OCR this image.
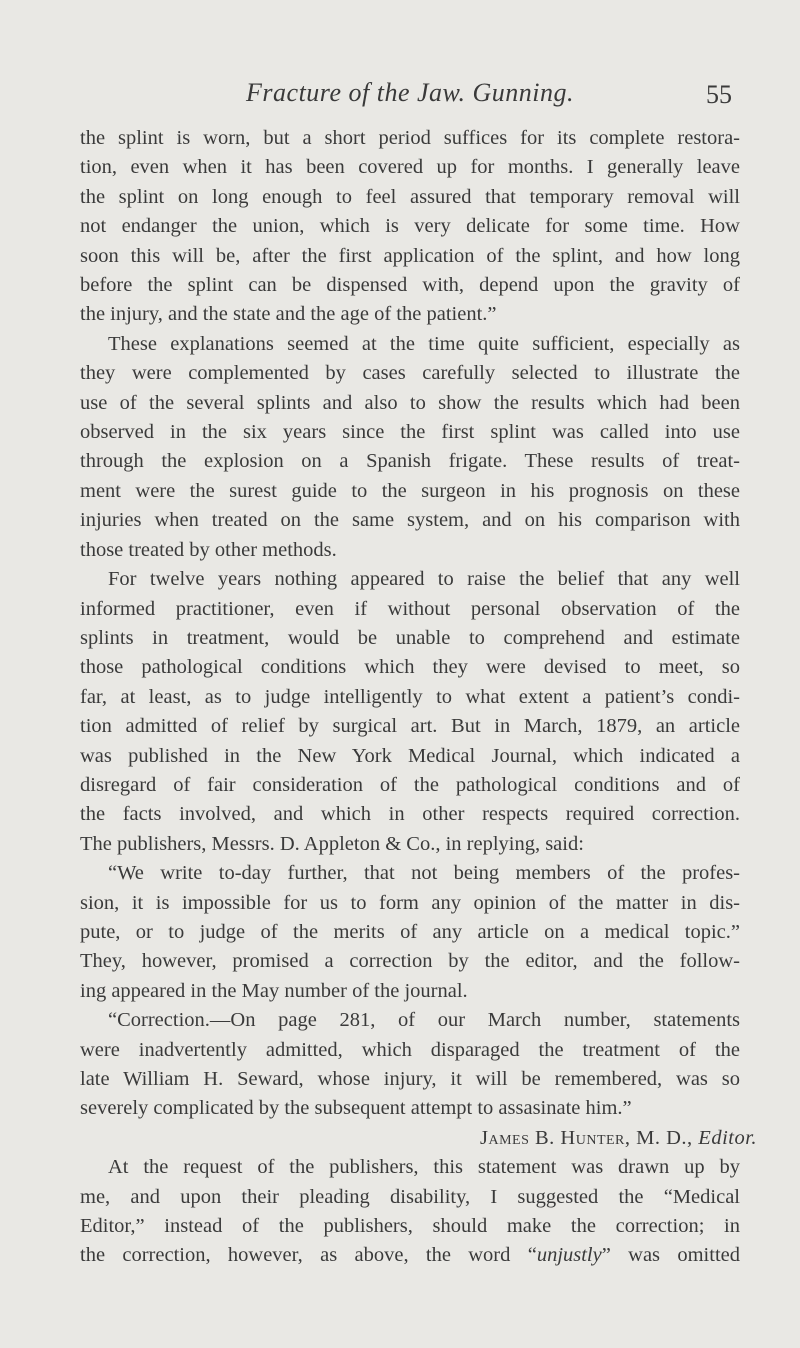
Fracture of the Jaw. Gunning.	55
the splint is worn, but a short period suffices for its complete restora-
tion, even when it has been covered up for months. I generally leave
the splint on long enough to feel assured that temporary removal will
not endanger the union, which is very delicate for some time. How
soon this will be, after the first application of the splint, and how long
before the splint can be dispensed with, depend upon the gravity of
the injury, and the state and the age of the patient.”
These explanations seemed at the time quite sufficient, especially as
they were complemented by cases carefully selected to illustrate the
use of the several splints and also to show the results which had been
observed in the six years since the first splint was called into use
through the explosion on a Spanish frigate. These results of treat-
ment were the surest guide to the surgeon in his prognosis on these
injuries when treated on the same system, and on his comparison with
those treated by other methods.
For twelve years nothing appeared to raise the belief that any well
informed practitioner, even if without personal observation of the
splints in treatment, would be unable to comprehend and estimate
those pathological conditions which they were devised to meet, so
far, at least, as to judge intelligently to what extent a patient’s condi-
tion admitted of relief by surgical art. But in March, 1879, an article
was published in the New York Medical Journal, which indicated a
disregard of fair consideration of the pathological conditions and of
the facts involved, and which in other respects required correction.
The publishers, Messrs. D. Appleton & Co., in replying, said:
“We write to-day further, that not being members of the profes-
sion, it is impossible for us to form any opinion of the matter in dis-
pute, or to judge of the merits of any article on a medical topic.”
They, however, promised a correction by the editor, and the follow-
ing appeared in the May number of the journal.
“Correction.—On page 281, of our March number, statements
were inadvertently admitted, which disparaged the treatment of the
late William H. Seward, whose injury, it will be remembered, was so
severely complicated by the subsequent attempt to assasinate him.”
James B. Hunter, M. D., Editor.
At the request of the publishers, this statement was drawn up by
me, and upon their pleading disability, I suggested the “Medical
Editor,” instead of the publishers, should make the correction; in
the correction, however, as above, the word “unjustly” was omitted
